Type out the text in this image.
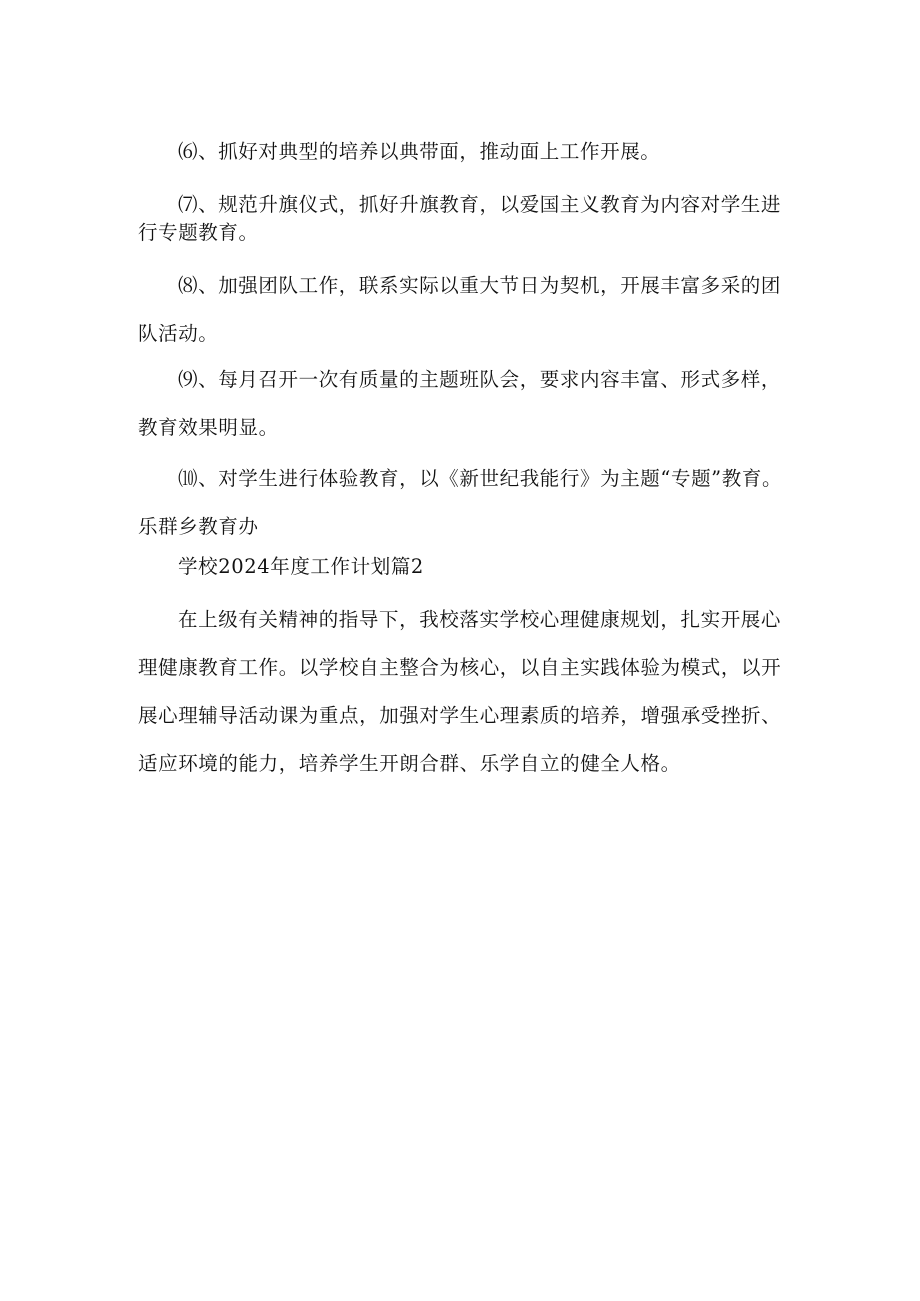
⑹、抓好对典型的培养以典带面，推动面上工作开展。

⑺、规范升旗仪式，抓好升旗教育，以爱国主义教育为内容对学生进行专题教育。

⑻、加强团队工作，联系实际以重大节日为契机，开展丰富多采的团队活动。

⑼、每月召开一次有质量的主题班队会，要求内容丰富、形式多样，教育效果明显。

⑽、对学生进行体验教育，以《新世纪我能行》为主题“专题”教育。乐群乡教育办

学校2024年度工作计划篇2

在上级有关精神的指导下，我校落实学校心理健康规划，扎实开展心理健康教育工作。以学校自主整合为核心，以自主实践体验为模式，以开展心理辅导活动课为重点，加强对学生心理素质的培养，增强承受挫折、适应环境的能力，培养学生开朗合群、乐学自立的健全人格。
